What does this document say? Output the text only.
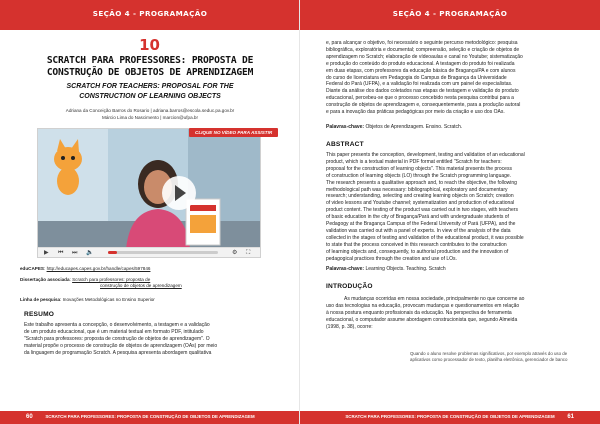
SEÇÃO 4 - PROGRAMAÇÃO
10
SCRATCH PARA PROFESSORES: PROPOSTA DE
CONSTRUÇÃO DE OBJETOS DE APRENDIZAGEM
SCRATCH FOR TEACHERS: PROPOSAL FOR THE
CONSTRUCTION OF LEARNING OBJECTS
Adriana da Conceição Barros do Rosario | adriana.barros@escola.seduc.pa.gov.br
Márcio Lima do Nascimento | marcion@ufpa.br
▶ ⏮ ⏭ 🔈	⚙ ⛶
CLIQUE NO VÍDEO PARA ASSISTIR
eduCAPES: http://educapes.capes.gov.br/handle/capes/597846
Dissertação associada: Scratch para professores: proposta de
construção de objetos de aprendizagem
Linha de pesquisa: Inovações Metodológicas no Ensino Superior
RESUMO
Este trabalho apresenta a concepção, o desenvolvimento, a testagem e a validação
de um produto educacional, que é um material textual em formato PDF, intitulado
"Scratch para professores: proposta de construção de objetos de aprendizagem". O
material propõe o processo de construção de objetos de aprendizagem (OAs) por meio
da linguagem de programação Scratch. A pesquisa apresenta abordagem qualitativa
60	SCRATCH PARA PROFESSORES: PROPOSTA DE CONSTRUÇÃO DE OBJETOS DE APRENDIZAGEM
SEÇÃO 4 - PROGRAMAÇÃO
e, para alcançar o objetivo, foi necessário o seguinte percurso metodológico: pesquisa
bibliográfica, exploratória e documental; compreensão, seleção e criação de objetos de
aprendizagem no Scratch; elaboração de vídeoaulas e canal no Youtube; sistematização
e produção do conteúdo do produto educacional. A testagem do produto foi realizada
em duas etapas, com professores da educação básica de Bragança/PA e com alunos
do curso de licenciatura em Pedagogia do Campus de Bragança da Universidade
Federal do Pará (UFPA), e a validação foi realizada com um painel de especialistas.
Diante da análise dos dados coletados nas etapas de testagem e validação do produto
educacional, percebeu-se que o processo concebido nesta pesquisa contribui para a
construção de objetos de aprendizagem e, consequentemente, para a produção autoral
e para a inovação das práticas pedagógicas por meio da criação e uso dos OAs.
Palavras-chave: Objetos de Aprendizagem. Ensino. Scratch.
ABSTRACT
This paper presents the conception, development, testing and validation of an educational
product, which is a textual material in PDF format entitled "Scratch for teachers:
proposal for the construction of learning objects". This material presents the process
of construction of learning objects (LO) through the Scratch programming language.
The research presents a qualitative approach and, to reach the objective, the following
methodological path was necessary: bibliographical, exploratory and documentary
research; understanding, selecting and creating learning objects on Scratch; creation
of video lessons and Youtube channel; systematization and production of educational
product content. The testing of the product was carried out in two stages, with teachers
of basic education in the city of Bragança/Pará and with undergraduate students of
Pedagogy at the Bragança Campus of the Federal University of Pará (UFPA), and the
validation was carried out with a panel of experts. In view of the analysis of the data
collected in the stages of testing and validation of the educational product, it was possible
to state that the process conceived in this research contributes to the construction
of learning objects and, consequently, to authorial production and the innovation of
pedagogical practices through the creation and use of LOs.
Palavras-chave: Learning Objects. Teaching. Scratch
INTRODUÇÃO
As mudanças ocorridas em nossa sociedade, principalmente no que concerne ao
uso das tecnologias na educação, provocam mudanças e questionamentos em relação
à nossa postura enquanto profissionais da educação. Na perspectiva de ferramenta
educacional, o computador assume abordagem construcionista que, segundo Almeida
(1998, p. 38), ocorre:
Quando o aluno resolve problemas significativos, por exemplo através do uso de
aplicativos como processador de texto, planilha eletrônica, gerenciador de banco
SCRATCH PARA PROFESSORES: PROPOSTA DE CONSTRUÇÃO DE OBJETOS DE APRENDIZAGEM	61
